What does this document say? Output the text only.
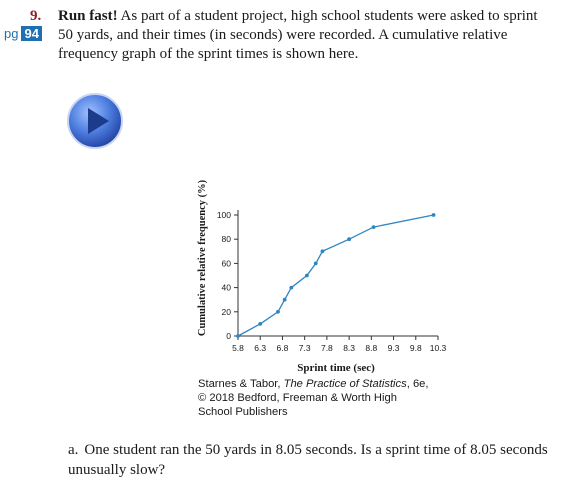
9. Run fast! As part of a student project, high school students were asked to sprint
pg 94 50 yards, and their times (in seconds) were recorded. A cumulative relative
frequency graph of the sprint times is shown here.
Cumulative relative frequency (%) 0
20
40
60
80
100
5.8 6.3 6.8 7.3 7.8 8.3 8.8 9.3 9.8 10.3
Sprint time (sec)
Starnes & Tabor, The Practice of Statistics, 6e,
© 2018 Bedford, Freeman & Worth High
School Publishers
a. One student ran the 50 yards in 8.05 seconds. Is a sprint time of 8.05 seconds
unusually slow?
